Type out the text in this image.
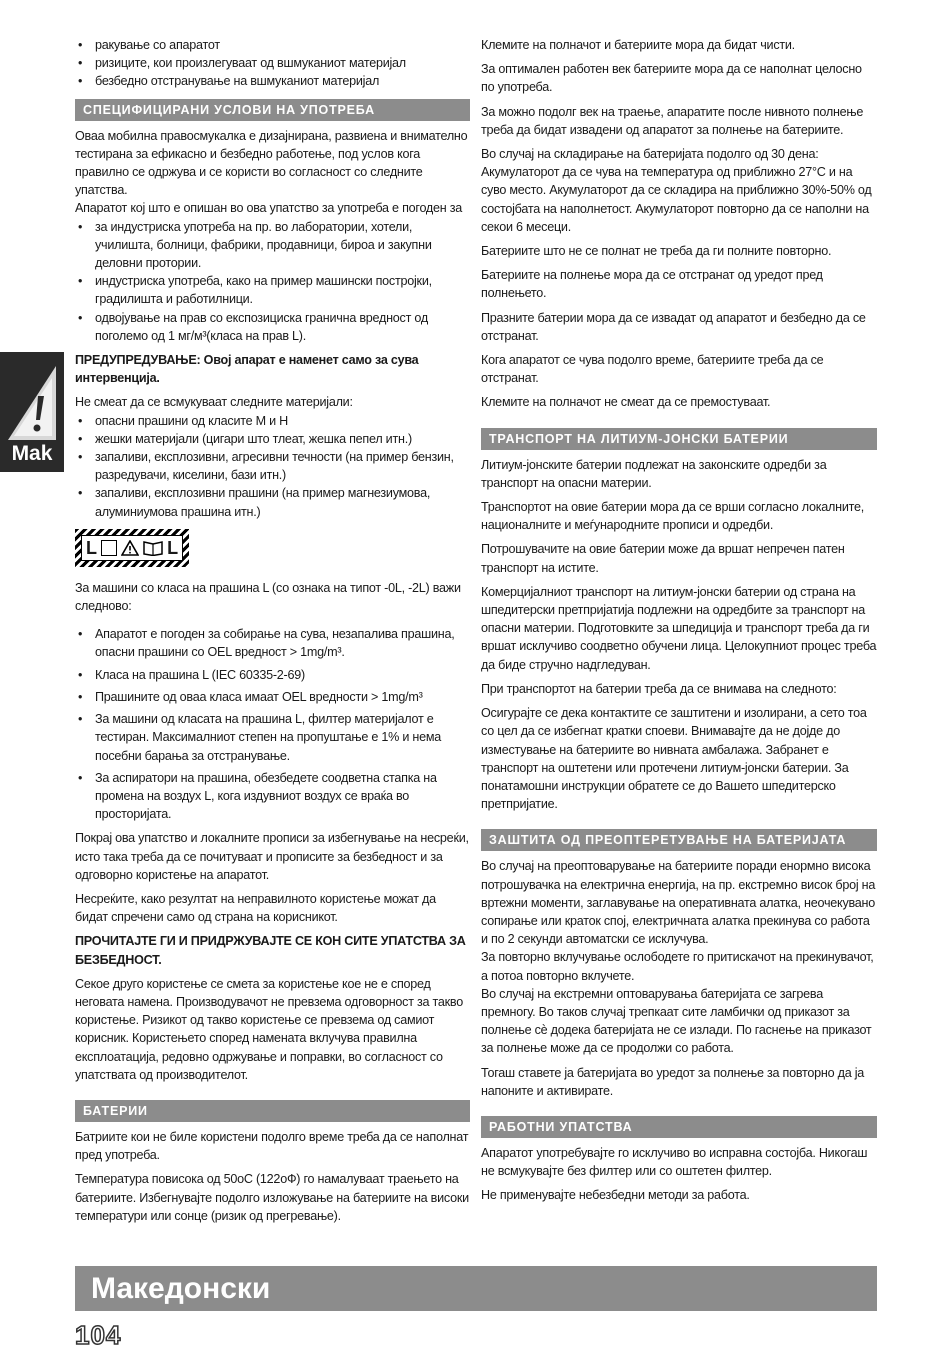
Mak
• ракување со апаратот
• ризиците, кои произлегуваат од вшмуканиот материјал
• безбедно отстранување на вшмуканиот материјал
СПЕЦИФИЦИРАНИ УСЛОВИ НА УПОТРЕБА

Оваа мобилна правосмукалка е дизајнирана, развиена и внимателно тестирана за ефикасно и безбедно работење, под услов кога правилно се одржува и се користи во согласност со следните упатства.

Апаратот кој што е опишан во ова упатство за употреба е погоден за

• за индустриска употреба на пр. во лаборатории, хотели, училишта, болници, фабрики, продавници, бироа и закупни деловни протории.
• индустриска употреба, како на пример машински постројки, градилишта и работилници.
• одвојување на прав со експозициска гранична вредност од поголемо од 1 мг/м³(класа на прав L).

ПРЕДУПРЕДУВАЊЕ: Овој апарат е наменет само за сува интервенција.

Не смеат да се всмукуваат следните материјали:

• опасни прашини од класите M и H
• жешки материјали (цигари што тлеат, жешка пепел итн.)
• запаливи, експлозивни, агресивни течности (на пример бензин, разредувачи, киселини, бази итн.)
• запаливи, експлозивни прашини (на пример магнезиумова, алуминиумова прашина итн.)
L	L

За машини со класа на прашина L (со ознака на типот -0L, -2L) важи следново:

• Апаратот е погоден за собирање на сува, незапалива прашина, опасни прашини со OEL вредност > 1mg/m³.
• Класа на прашина L (IEC 60335-2-69)
• Прашините од оваа класа имаат OEL вредности > 1mg/m³
• За машини од класата на прашина L, филтер материјалот е тестиран. Максималниот степен на пропуштање е 1% и нема посебни барања за отстранување.
• За аспиратори на прашина, обезбедете соодветна стапка на промена на воздух L, кога издувниот воздух се враќа во просторијата.

Покрај ова упатство и локалните прописи за избегнување на несреќи, исто така треба да се почитуваат и прописите за безбедност и за одговорно користење на апаратот.

Несреќите, како резултат на неправилното користење можат да бидат спречени само од страна на корисникот.

ПРОЧИТАЈТЕ ГИ И ПРИДРЖУВАЈТЕ СЕ КОН СИТЕ УПАТСТВА ЗА БЕЗБЕДНОСТ.

Секое друго користење се смета за користење кое не е според неговата намена. Производувачот не превзема одговорност за такво користење. Ризикот од такво користење се превзема од самиот корисник. Користењето според намената вклучува правилна експлоатација, редовно одржување и поправки, во согласност со упатствата од производителот.

БАТЕРИИ

Батриите кои не биле користени подолго време треба да се наполнат пред употреба.

Температура повисока од 50оС (122оФ) го намалуваат траењето на батериите. Избегнувајте подолго изложување на батериите на високи температури или сонце (ризик од прегревање).

Клемите на полначот и батериите мора да бидат чисти.

За оптимален работен век батериите мора да се наполнат целосно по употреба.

За можно подолг век на траење, апаратите после нивното полнење треба да бидат извадени од апаратот за полнење на батериите.

Во случај на складирање на батеријата подолго од 30 дена: Акумулаторот да се чува на температура од приближно 27°C и на суво место. Акумулаторот да се складира на приближно 30%-50% од состојбата на наполнетост. Акумулаторот повторно да се наполни на секои 6 месеци.

Батериите што не се полнат не треба да ги полните повторно.

Батериите на полнење мора да се отстранат од уредот пред полнењето.

Празните батерии мора да се извадат од апаратот и безбедно да се отстранат.

Кога апаратот се чува подолго време, батериите треба да се отстранат.

Клемите на полначот не смеат да се премостуваат.

ТРАНСПОРТ НА ЛИТИУМ-ЈОНСКИ БАТЕРИИ

Литиум-јонските батерии подлежат на законските одредби за транспорт на опасни материи.

Транспортот на овие батерии мора да се врши согласно локалните, националните и меѓународните прописи и одредби.

Потрошувачите на овие батерии може да вршат непречен патен транспорт на истите.

Комерцијалниот транспорт на литиум-јонски батерии од страна на шпедитерски претпријатија подлежни на одредбите за транспорт на опасни материи. Подготовките за шпедиција и транспорт треба да ги вршат исклучиво соодветно обучени лица. Целокупниот процес треба да биде стручно надгледуван.

При транспортот на батерии треба да се внимава на следното:

Осигурајте се дека контактите се заштитени и изолирани, а сето тоа со цел да се избегнат кратки споеви. Внимавајте да не дојде до изместување на батериите во нивната амбалажа. Забранет е транспорт на оштетени или протечени литиум-јонски батерии. За понатамошни инструкции обратете се до Вашето шпедитерско претпријатие.

ЗАШТИТА ОД ПРЕОПТЕРЕТУВАЊЕ НА БАТЕРИЈАТА

Во случај на преоптоварување на батериите поради енормно висока потрошувачка на електрична енергија, на пр. екстремно висок број на вртежни моменти, заглавување на оперативната алатка, неочекувано сопирање или краток спој, електричната алатка прекинува со работа и по 2 секунди автоматски се исклучува.

За повторно вклучување ослободете го притискачот на прекинувачот, а потоа повторно вклучете.

Во случај на екстремни оптоварувања батеријата се загрева премногу. Во таков случај трепкаат сите ламбички од приказот за полнење сѐ додека батеријата не се излади. По гаснење на приказот за полнење може да се продолжи со работа.

Тогаш ставете ја батеријата во уредот за полнење за повторно да ја напоните и активирате.

РАБОТНИ УПАТСТВА

Апаратот употребувајте го исклучиво во исправна состојба. Никогаш не всмукувајте без филтер или со оштетен филтер.

Не применувајте небезбедни методи за работа.

Македонски
104
